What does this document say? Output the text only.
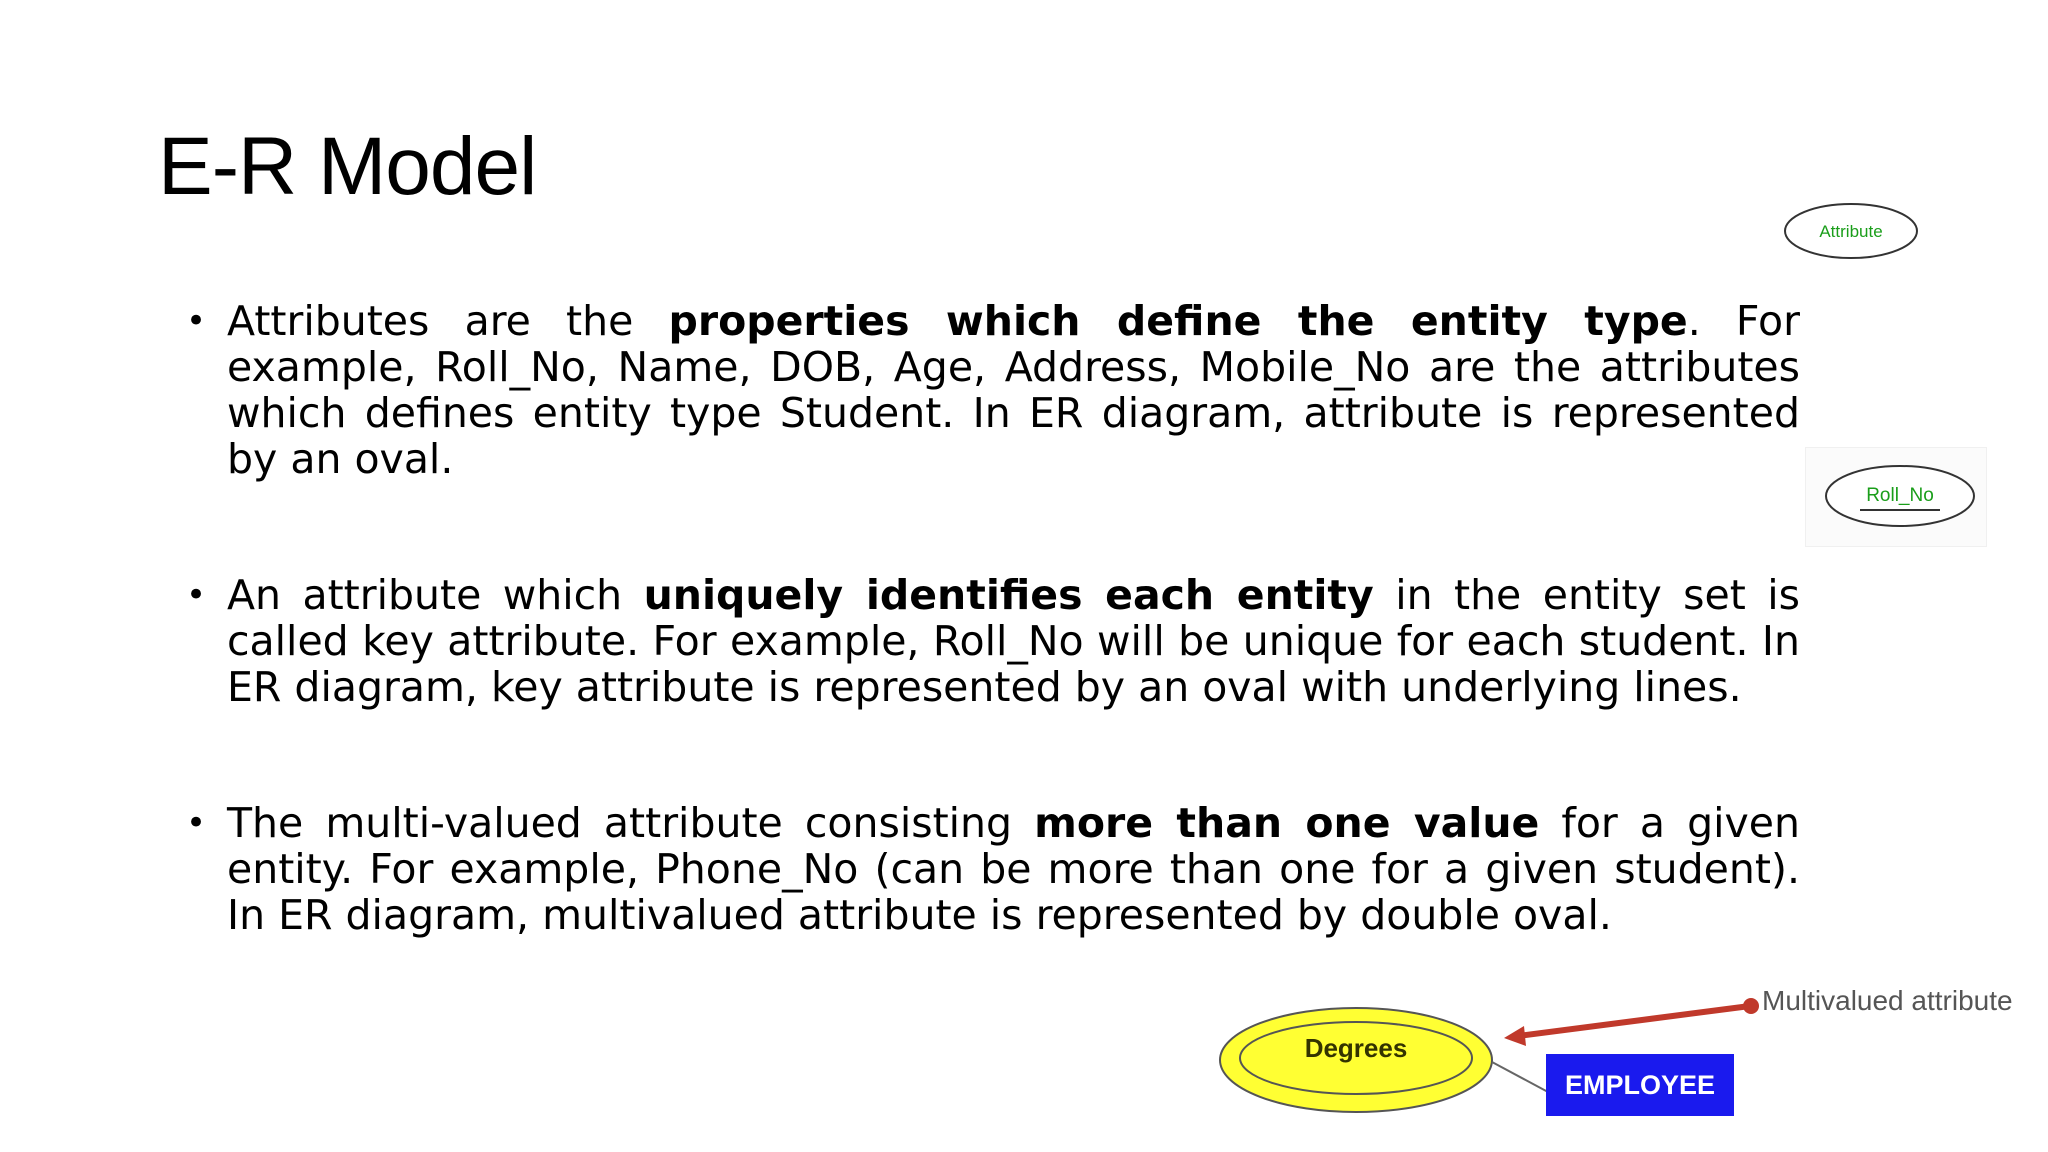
E-R Model
• Attributes are the properties which define the entity type. For example, Roll_No, Name, DOB, Age, Address, Mobile_No are the attributes which defines entity type Student. In ER diagram, attribute is represented by an oval.
• An attribute which uniquely identifies each entity in the entity set is called key attribute. For example, Roll_No will be unique for each student. In ER diagram, key attribute is represented by an oval with underlying lines.
• The multi-valued attribute consisting more than one value for a given entity. For example, Phone_No (can be more than one for a given student). In ER diagram, multivalued attribute is represented by double oval.
Attribute
Roll_No
Degrees
EMPLOYEE
Multivalued attribute
